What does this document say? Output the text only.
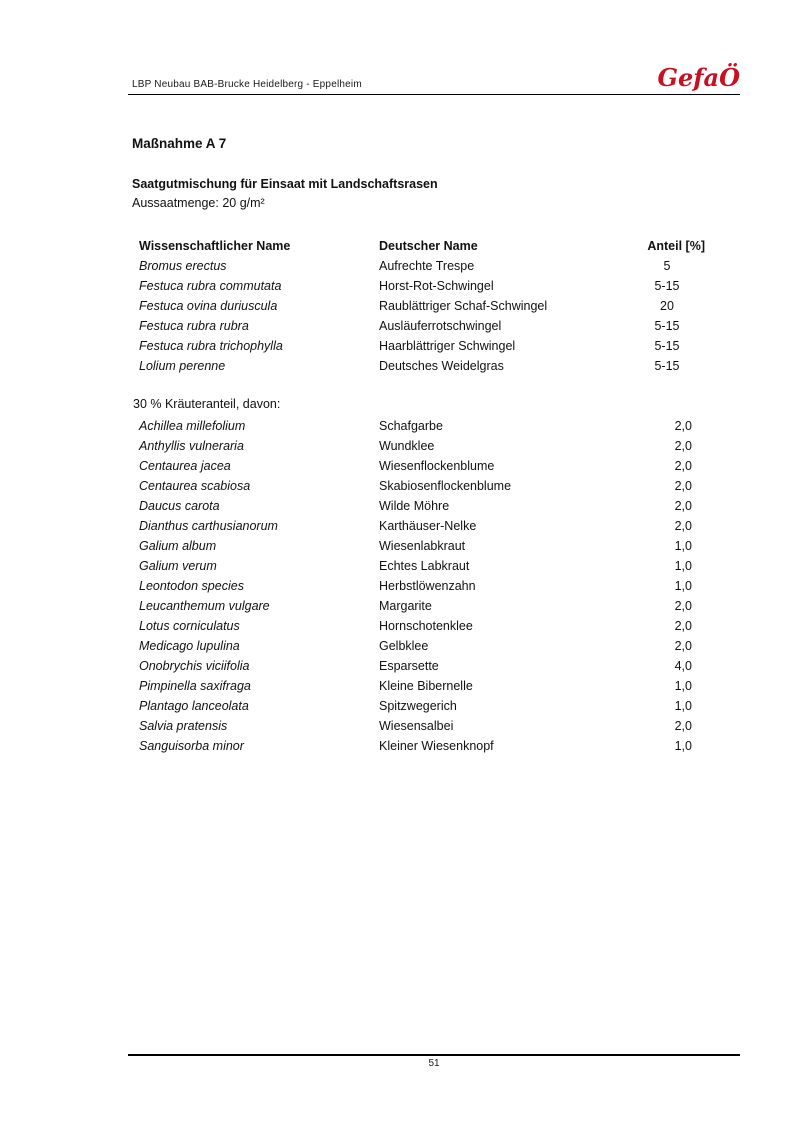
LBP Neubau BAB-Brucke Heidelberg - Eppelheim	GefaÖ
Maßnahme A 7
Saatgutmischung für Einsaat mit Landschaftsrasen

Aussaatmenge: 20 g/m²

Wissenschaftlicher Name	Deutscher Name	Anteil [%]
Bromus erectus	Aufrechte Trespe	5
Festuca rubra commutata	Horst-Rot-Schwingel	5-15
Festuca ovina duriuscula	Raublättriger Schaf-Schwingel	20
Festuca rubra rubra	Ausläuferrotschwingel	5-15
Festuca rubra trichophylla	Haarblättriger Schwingel	5-15
Lolium perenne	Deutsches Weidelgras	5-15

30 % Kräuteranteil, davon:

Achillea millefolium	Schafgarbe	2,0
Anthyllis vulneraria	Wundklee	2,0
Centaurea jacea	Wiesenflockenblume	2,0
Centaurea scabiosa	Skabiosenflockenblume	2,0
Daucus carota	Wilde Möhre	2,0
Dianthus carthusianorum	Karthäuser-Nelke	2,0
Galium album	Wiesenlabkraut	1,0
Galium verum	Echtes Labkraut	1,0
Leontodon species	Herbstlöwenzahn	1,0
Leucanthemum vulgare	Margarite	2,0
Lotus corniculatus	Hornschotenklee	2,0
Medicago lupulina	Gelbklee	2,0
Onobrychis viciifolia	Esparsette	4,0
Pimpinella saxifraga	Kleine Bibernelle	1,0
Plantago lanceolata	Spitzwegerich	1,0
Salvia pratensis	Wiesensalbei	2,0
Sanguisorba minor	Kleiner Wiesenknopf	1,0
51
